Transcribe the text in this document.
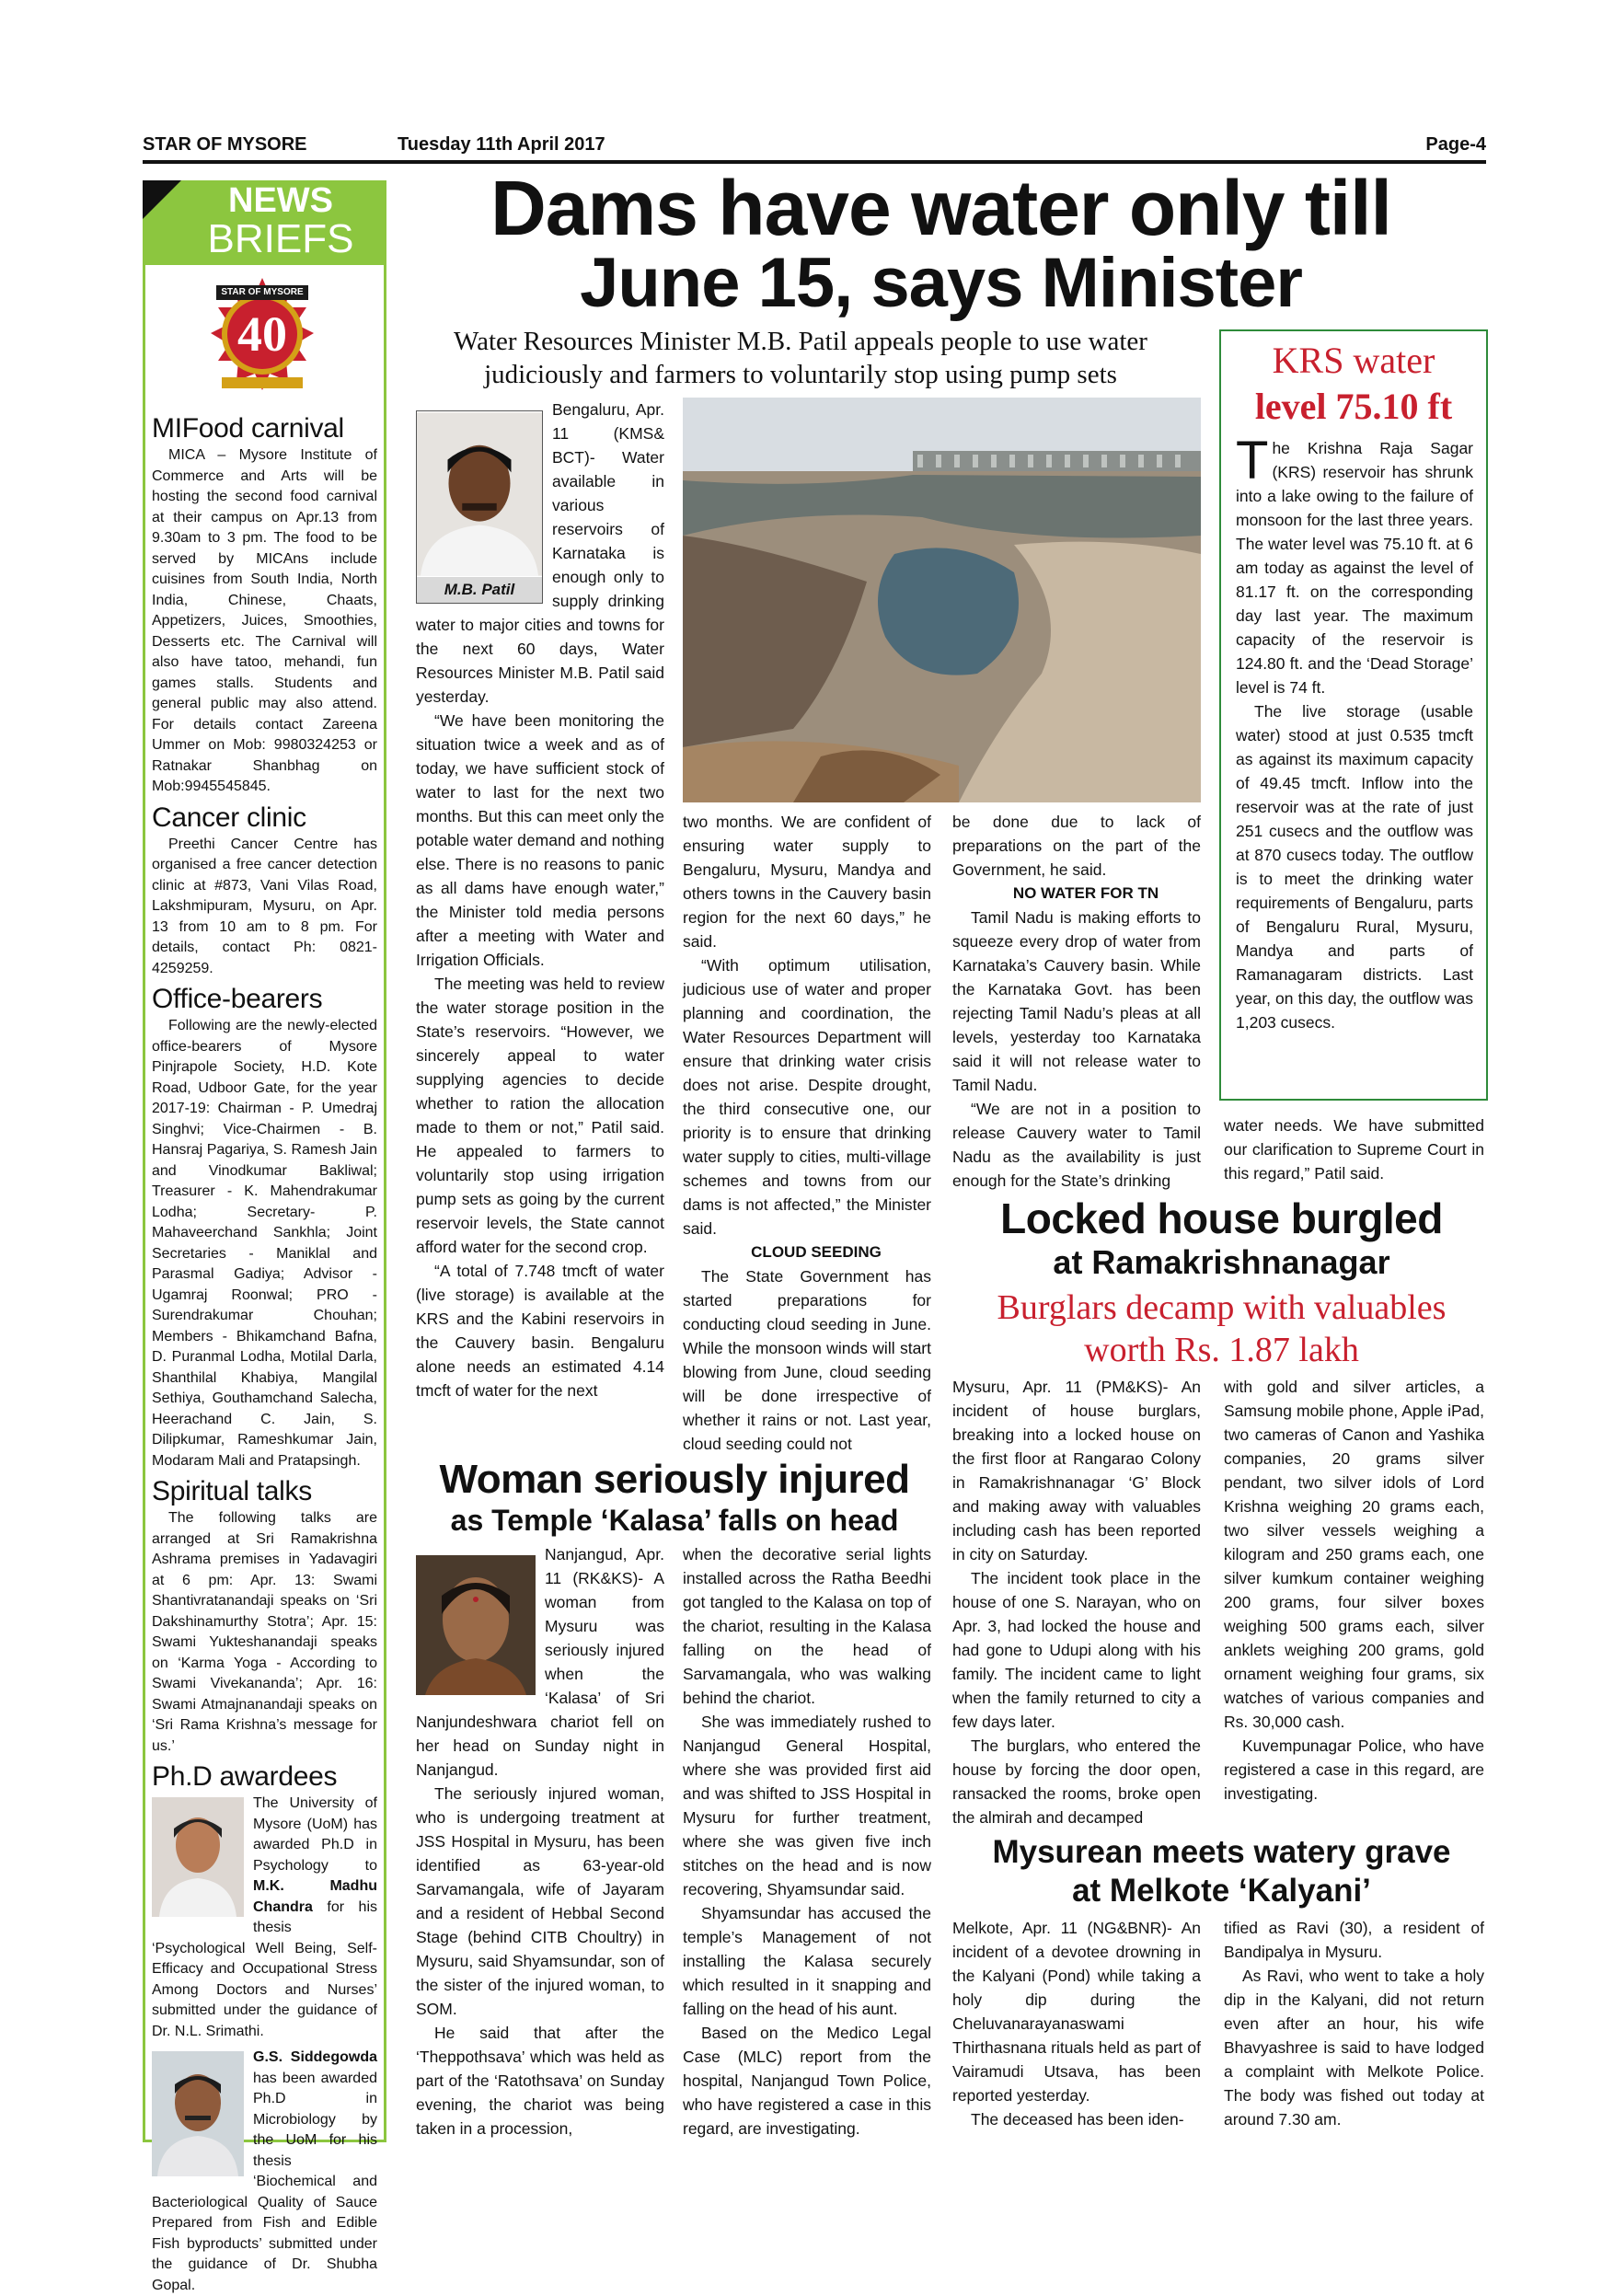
STAR OF MYSORE	Tuesday 11th April 2017	Page-4
NEWS
BRIEFS
STAR OF MYSORE
40
MIFood carnival

MICA – Mysore Institute of Commerce and Arts will be hosting the second food carnival at their campus on Apr.13 from 9.30am to 3 pm. The food to be served by MICAns include cuisines from South India, North India, Chinese, Chaats, Appetizers, Juices, Smoothies, Desserts etc. The Carnival will also have tatoo, mehandi, fun games stalls. Students and general public may also attend. For details contact Zareena Ummer on Mob: 9980324253 or Ratnakar Shanbhag on Mob:9945545845.

Cancer clinic

Preethi Cancer Centre has organised a free cancer detection clinic at #873, Vani Vilas Road, Lakshmipuram, Mysuru, on Apr. 13 from 10 am to 8 pm. For details, contact Ph: 0821-4259259.

Office-bearers

Following are the newly-elected office-bearers of Mysore Pinjrapole Society, H.D. Kote Road, Udboor Gate, for the year 2017-19: Chairman - P. Umedraj Singhvi; Vice-Chairmen - B. Hansraj Pagariya, S. Ramesh Jain and Vinodkumar Bakliwal; Treasurer - K. Mahendrakumar Lodha; Secretary- P. Mahaveerchand Sankhla; Joint Secretaries - Maniklal and Parasmal Gadiya; Advisor - Ugamraj Roonwal; PRO - Surendrakumar Chouhan; Members - Bhikamchand Bafna, D. Puranmal Lodha, Motilal Darla, Shanthilal Khabiya, Mangilal Sethiya, Gouthamchand Salecha, Heerachand C. Jain, S. Dilipkumar, Rameshkumar Jain, Modaram Mali and Pratapsingh.

Spiritual talks

The following talks are arranged at Sri Ramakrishna Ashrama premises in Yadavagiri at 6 pm: Apr. 13: Swami Shantivratanandaji speaks on ‘Sri Dakshinamurthy Stotra’; Apr. 15: Swami Yukteshanandaji speaks on ‘Karma Yoga - According to Swami Vivekananda’; Apr. 16: Swami Atmajnanandaji speaks on ‘Sri Rama Krishna’s message for us.’

Ph.D awardees
The University of Mysore (UoM) has awarded Ph.D in Psychology to M.K. Madhu Chandra for his thesis ‘Psychological Well Being, Self-Efficacy and Occupational Stress Among Doctors and Nurses’ submitted under the guidance of Dr. N.L. Srimathi.
G.S. Siddegowda has been awarded Ph.D in Microbiology by the UoM for his thesis ‘Biochemical and Bacteriological Quality of Sauce Prepared from Fish and Edible Fish byproducts’ submitted under the guidance of Dr. Shubha Gopal.
Dams have water only till
June 15, says Minister
Water Resources Minister M.B. Patil appeals people to use water
judiciously and farmers to voluntarily stop using pump sets
M.B. Patil

Bengaluru, Apr. 11 (KMS& BCT)- Water available in various reservoirs of Karnataka is enough only to supply drinking water to major cities and towns for the next 60 days, Water Resources Minister M.B. Patil said yesterday.

“We have been monitoring the situation twice a week and as of today, we have sufficient stock of water to last for the next two months. But this can meet only the potable water demand and nothing else. There is no reasons to panic as all dams have enough water,” the Minister told media persons after a meeting with Water and Irrigation Officials.

The meeting was held to review the water storage position in the State’s reservoirs. “However, we sincerely appeal to water supplying agencies to decide whether to ration the allocation made to them or not,” Patil said. He appealed to farmers to voluntarily stop using irrigation pump sets as going by the current reservoir levels, the State cannot afford water for the second crop.

“A total of 7.748 tmcft of water (live storage) is available at the KRS and the Kabini reservoirs in the Cauvery basin. Bengaluru alone needs an estimated 4.14 tmcft of water for the next

two months. We are confident of ensuring water supply to Bengaluru, Mysuru, Mandya and others towns in the Cauvery basin region for the next 60 days,” he said.

“With optimum utilisation, judicious use of water and proper planning and coordination, the Water Resources Department will ensure that drinking water crisis does not arise. Despite drought, the third consecutive one, our priority is to ensure that drinking water supply to cities, multi-village schemes and towns from our dams is not affected,” the Minister said.

CLOUD SEEDING

The State Government has started preparations for conducting cloud seeding in June. While the monsoon winds will start blowing from June, cloud seeding will be done irrespective of whether it rains or not. Last year, cloud seeding could not

be done due to lack of preparations on the part of the Government, he said.

NO WATER FOR TN

Tamil Nadu is making efforts to squeeze every drop of water from Karnataka’s Cauvery basin. While the Karnataka Govt. has been rejecting Tamil Nadu’s pleas at all levels, yesterday too Karnataka said it will not release water to Tamil Nadu.

“We are not in a position to release Cauvery water to Tamil Nadu as the availability is just enough for the State’s drinking

KRS water
level 75.10 ft

The Krishna Raja Sagar (KRS) reservoir has shrunk into a lake owing to the failure of monsoon for the last three years. The water level was 75.10 ft. at 6 am today as against the level of 81.17 ft. on the corresponding day last year. The maximum capacity of the reservoir is 124.80 ft. and the ‘Dead Storage’ level is 74 ft.

The live storage (usable water) stood at just 0.535 tmcft as against its maximum capacity of 49.45 tmcft. Inflow into the reservoir was at the rate of just 251 cusecs and the outflow was at 870 cusecs today. The outflow is to meet the drinking water requirements of Bengaluru, parts of Bengaluru Rural, Mysuru, Mandya and parts of Ramanagaram districts. Last year, on this day, the outflow was 1,203 cusecs.

water needs. We have submitted our clarification to Supreme Court in this regard,” Patil said.

Woman seriously injured
as Temple ‘Kalasa’ falls on head

Nanjangud, Apr. 11 (RK&KS)- A woman from Mysuru was seriously injured when the ‘Kalasa’ of Sri Nanjundeshwara chariot fell on her head on Sunday night in Nanjangud.

The seriously injured woman, who is undergoing treatment at JSS Hospital in Mysuru, has been identified as 63-year-old Sarvamangala, wife of Jayaram and a resident of Hebbal Second Stage (behind CITB Choultry) in Mysuru, said Shyamsundar, son of the sister of the injured woman, to SOM.

He said that after the ‘Theppothsava’ which was held as part of the ‘Ratothsava’ on Sunday evening, the chariot was being taken in a procession,

when the decorative serial lights installed across the Ratha Beedhi got tangled to the Kalasa on top of the chariot, resulting in the Kalasa falling on the head of Sarvamangala, who was walking behind the chariot.

She was immediately rushed to Nanjangud General Hospital, where she was provided first aid and was shifted to JSS Hospital in Mysuru for further treatment, where she was given five inch stitches on the head and is now recovering, Shyamsundar said.

Shyamsundar has accused the temple’s Management of not installing the Kalasa securely which resulted in it snapping and falling on the head of his aunt.

Based on the Medico Legal Case (MLC) report from the hospital, Nanjangud Town Police, who have registered a case in this regard, are investigating.

Locked house burgled
at Ramakrishnanagar
Burglars decamp with valuables
worth Rs. 1.87 lakh

Mysuru, Apr. 11 (PM&KS)- An incident of house burglars, breaking into a locked house on the first floor at Rangarao Colony in Ramakrishnanagar ‘G’ Block and making away with valuables including cash has been reported in city on Saturday.

The incident took place in the house of one S. Narayan, who on Apr. 3, had locked the house and had gone to Udupi along with his family. The incident came to light when the family returned to city a few days later.

The burglars, who entered the house by forcing the door open, ransacked the rooms, broke open the almirah and decamped

with gold and silver articles, a Samsung mobile phone, Apple iPad, two cameras of Canon and Yashika companies, 20 grams silver pendant, two silver idols of Lord Krishna weighing 20 grams each, two silver vessels weighing a kilogram and 250 grams each, one silver kumkum container weighing 200 grams, four silver boxes weighing 500 grams each, silver anklets weighing 200 grams, gold ornament weighing four grams, six watches of various companies and Rs. 30,000 cash.

Kuvempunagar Police, who have registered a case in this regard, are investigating.

Mysurean meets watery grave
at Melkote ‘Kalyani’

Melkote, Apr. 11 (NG&BNR)- An incident of a devotee drowning in the Kalyani (Pond) while taking a holy dip during the Cheluvanarayanaswami Thirthasnana rituals held as part of Vairamudi Utsava, has been reported yesterday.

The deceased has been iden-

tified as Ravi (30), a resident of Bandipalya in Mysuru.

As Ravi, who went to take a holy dip in the Kalyani, did not return even after an hour, his wife Bhavyashree is said to have lodged a complaint with Melkote Police. The body was fished out today at around 7.30 am.
